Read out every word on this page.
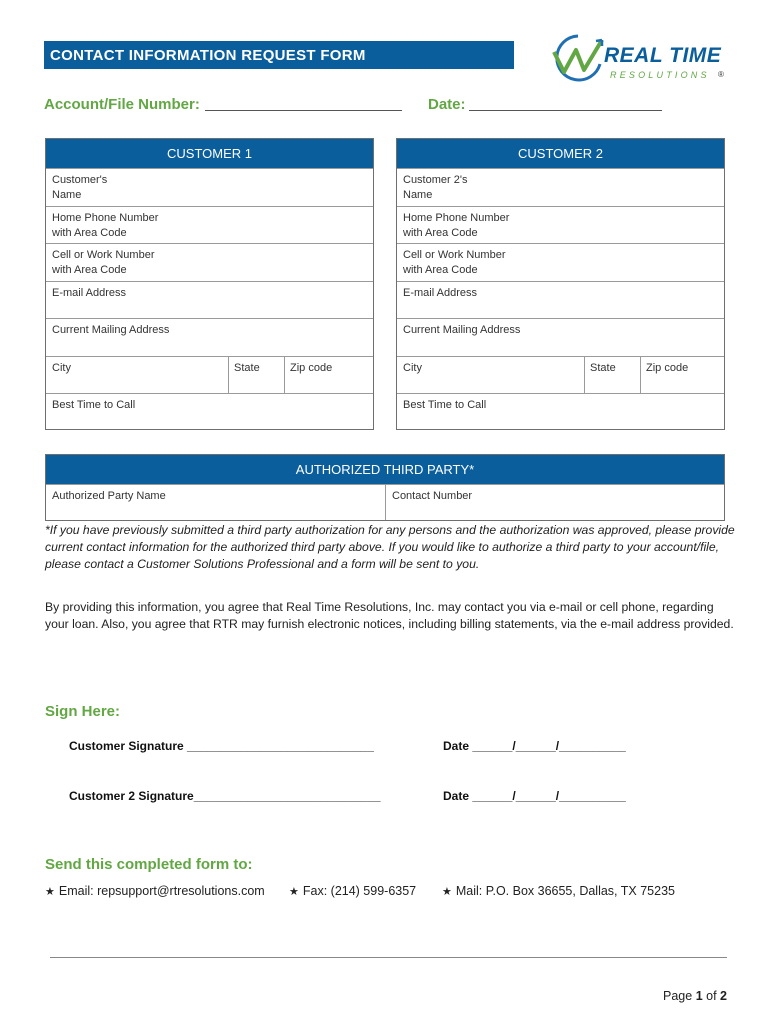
CONTACT INFORMATION REQUEST FORM	REAL TIME
RESOLUTIONS ®
Account/File Number:	Date:
CUSTOMER 1
Customer's
Name
Home Phone Number
with Area Code
Cell or Work Number
with Area Code
E-mail Address
Current Mailing Address
City	State	Zip code
Best Time to Call
CUSTOMER 2
Customer 2's
Name
Home Phone Number
with Area Code
Cell or Work Number
with Area Code
E-mail Address
Current Mailing Address
City	State	Zip code
Best Time to Call
AUTHORIZED THIRD PARTY*
Authorized Party Name	Contact Number
*If you have previously submitted a third party authorization for any persons and the authorization was approved, please provide current contact information for the authorized third party above. If you would like to authorize a third party to your account/file, please contact a Customer Solutions Professional and a form will be sent to you.
By providing this information, you agree that Real Time Resolutions, Inc. may contact you via e-mail or cell phone, regarding your loan. Also, you agree that RTR may furnish electronic notices, including billing statements, via the e-mail address provided.
Sign Here:
Customer Signature ____________________________	Date ______/______/__________
Customer 2 Signature____________________________	Date ______/______/__________
Send this completed form to:
★ Email: repsupport@rtresolutions.com ★ Fax: (214) 599-6357 ★ Mail: P.O. Box 36655, Dallas, TX 75235
Page 1 of 2
